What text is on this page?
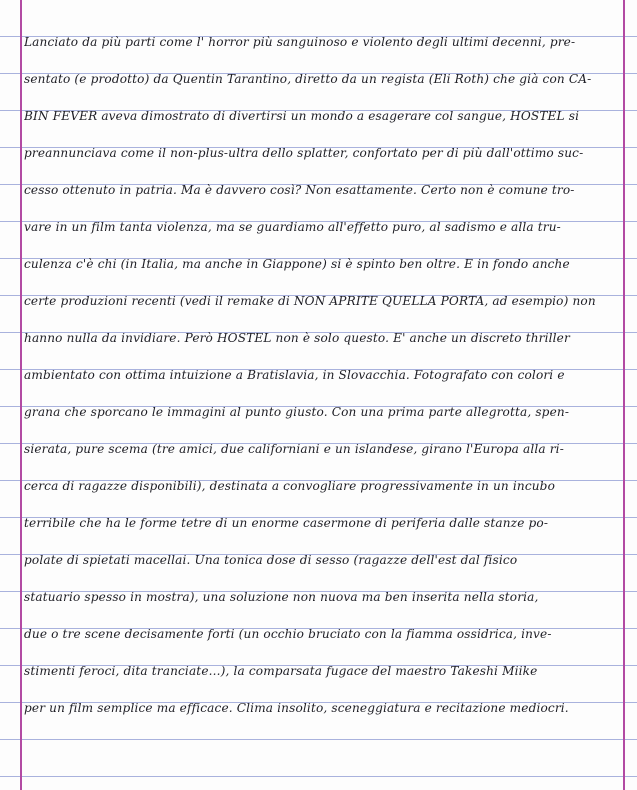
Lanciato da più parti come l' horror più sanguinoso e violento degli ultimi decenni, pre-
sentato (e prodotto) da Quentin Tarantino, diretto da un regista (Eli Roth) che già con CA-
BIN FEVER aveva dimostrato di divertirsi un mondo a esagerare col sangue, HOSTEL si
preannunciava come il non-plus-ultra dello splatter, confortato per di più dall'ottimo suc-
cesso ottenuto in patria. Ma è davvero così? Non esattamente. Certo non è comune tro-
vare in un film tanta violenza, ma se guardiamo all'effetto puro, al sadismo e alla tru-
culenza c'è chi (in Italia, ma anche in Giappone) si è spinto ben oltre. E in fondo anche
certe produzioni recenti (vedi il remake di NON APRITE QUELLA PORTA, ad esempio) non
hanno nulla da invidiare. Però HOSTEL non è solo questo. E' anche un discreto thriller
ambientato con ottima intuizione a Bratislavia, in Slovacchia. Fotografato con colori e
grana che sporcano le immagini al punto giusto. Con una prima parte allegrotta, spen-
sierata, pure scema (tre amici, due californiani e un islandese, girano l'Europa alla ri-
cerca di ragazze disponibili), destinata a convogliare progressivamente in un incubo
terribile che ha le forme tetre di un enorme casermone di periferia dalle stanze po-
polate di spietati macellai. Una tonica dose di sesso (ragazze dell'est dal fisico
statuario spesso in mostra), una soluzione non nuova ma ben inserita nella storia,
due o tre scene decisamente forti (un occhio bruciato con la fiamma ossidrica, inve-
stimenti feroci, dita tranciate...), la comparsata fugace del maestro Takeshi Miike
per un film semplice ma efficace. Clima insolito, sceneggiatura e recitazione mediocri.
